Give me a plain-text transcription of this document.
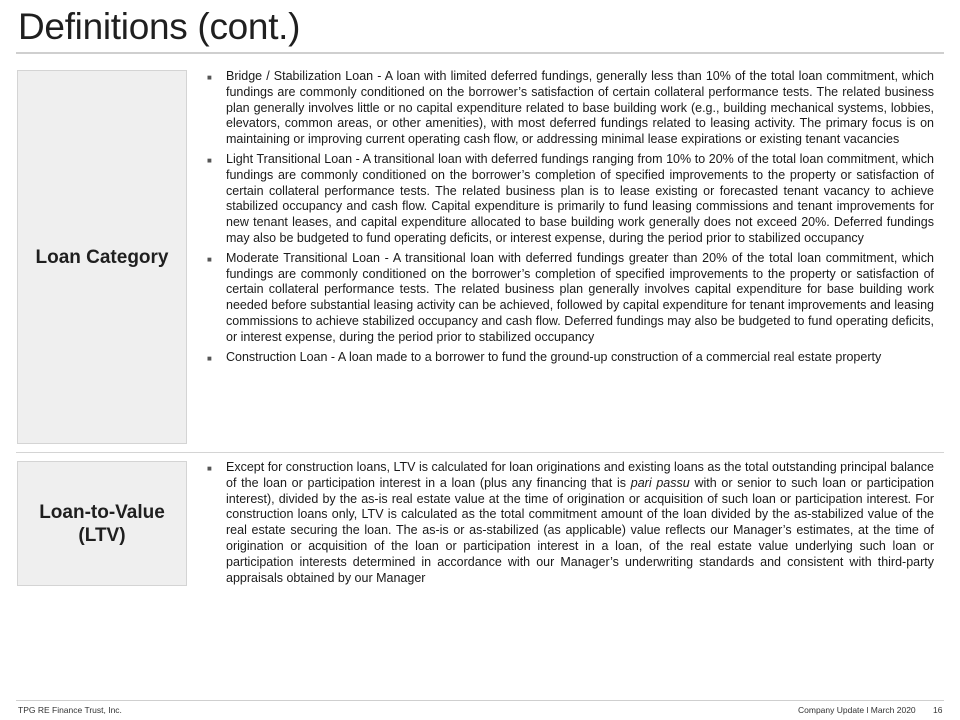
Definitions (cont.)
Loan Category
■ Bridge / Stabilization Loan - A loan with limited deferred fundings, generally less than 10% of the total loan commitment, which fundings are commonly conditioned on the borrower’s satisfaction of certain collateral performance tests. The related business plan generally involves little or no capital expenditure related to base building work (e.g., building mechanical systems, lobbies, elevators, common areas, or other amenities), with most deferred fundings related to leasing activity. The primary focus is on maintaining or improving current operating cash flow, or addressing minimal lease expirations or existing tenant vacancies
■ Light Transitional Loan - A transitional loan with deferred fundings ranging from 10% to 20% of the total loan commitment, which fundings are commonly conditioned on the borrower’s completion of specified improvements to the property or satisfaction of certain collateral performance tests. The related business plan is to lease existing or forecasted tenant vacancy to achieve stabilized occupancy and cash flow. Capital expenditure is primarily to fund leasing commissions and tenant improvements for new tenant leases, and capital expenditure allocated to base building work generally does not exceed 20%. Deferred fundings may also be budgeted to fund operating deficits, or interest expense, during the period prior to stabilized occupancy
■ Moderate Transitional Loan - A transitional loan with deferred fundings greater than 20% of the total loan commitment, which fundings are commonly conditioned on the borrower’s completion of specified improvements to the property or satisfaction of certain collateral performance tests. The related business plan generally involves capital expenditure for base building work needed before substantial leasing activity can be achieved, followed by capital expenditure for tenant improvements and leasing commissions to achieve stabilized occupancy and cash flow. Deferred fundings may also be budgeted to fund operating deficits, or interest expense, during the period prior to stabilized occupancy
■ Construction Loan - A loan made to a borrower to fund the ground-up construction of a commercial real estate property
Loan-to-Value (LTV)
■ Except for construction loans, LTV is calculated for loan originations and existing loans as the total outstanding principal balance of the loan or participation interest in a loan (plus any financing that is pari passu with or senior to such loan or participation interest), divided by the as-is real estate value at the time of origination or acquisition of such loan or participation interest. For construction loans only, LTV is calculated as the total commitment amount of the loan divided by the as-stabilized value of the real estate securing the loan. The as-is or as-stabilized (as applicable) value reflects our Manager’s estimates, at the time of origination or acquisition of the loan or participation interest in a loan, of the real estate value underlying such loan or participation interests determined in accordance with our Manager’s underwriting standards and consistent with third-party appraisals obtained by our Manager
TPG RE Finance Trust, Inc.	Company Update l March 2020 16
